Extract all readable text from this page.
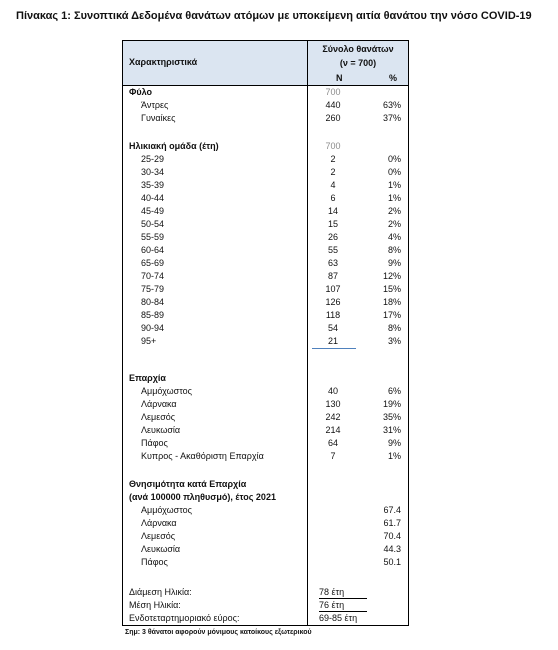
Πίνακας 1: Συνοπτικά Δεδομένα θανάτων ατόμων με υποκείμενη αιτία θανάτου την νόσο COVID-19
Χαρακτηριστικά
Σύνολο θανάτων
(ν = 700)
N	%
Φύλο	700
Άντρες	440	63%
Γυναίκες	260	37%
Ηλικιακή ομάδα (έτη)	700
25-29	2	0%
30-34	2	0%
35-39	4	1%
40-44	6	1%
45-49	14	2%
50-54	15	2%
55-59	26	4%
60-64	55	8%
65-69	63	9%
70-74	87	12%
75-79	107	15%
80-84	126	18%
85-89	118	17%
90-94	54	8%
95+	21	3%
Επαρχία
Αμμόχωστος	40	6%
Λάρνακα	130	19%
Λεμεσός	242	35%
Λευκωσία	214	31%
Πάφος	64	9%
Κυπρος - Ακαθόριστη Επαρχία	7	1%
Θνησιμότητα κατά Επαρχία
(ανά 100000 πληθυσμό), έτος 2021
Αμμόχωστος	67.4
Λάρνακα	61.7
Λεμεσός	70.4
Λευκωσία	44.3
Πάφος	50.1
Διάμεση Ηλικία:	78 έτη
Μέση Ηλικία:	76 έτη
Ενδοτεταρτημοριακό εύρος:	69-85 έτη
Σημ: 3 θάνατοι αφορούν μόνιμους κατοίκους εξωτερικού
